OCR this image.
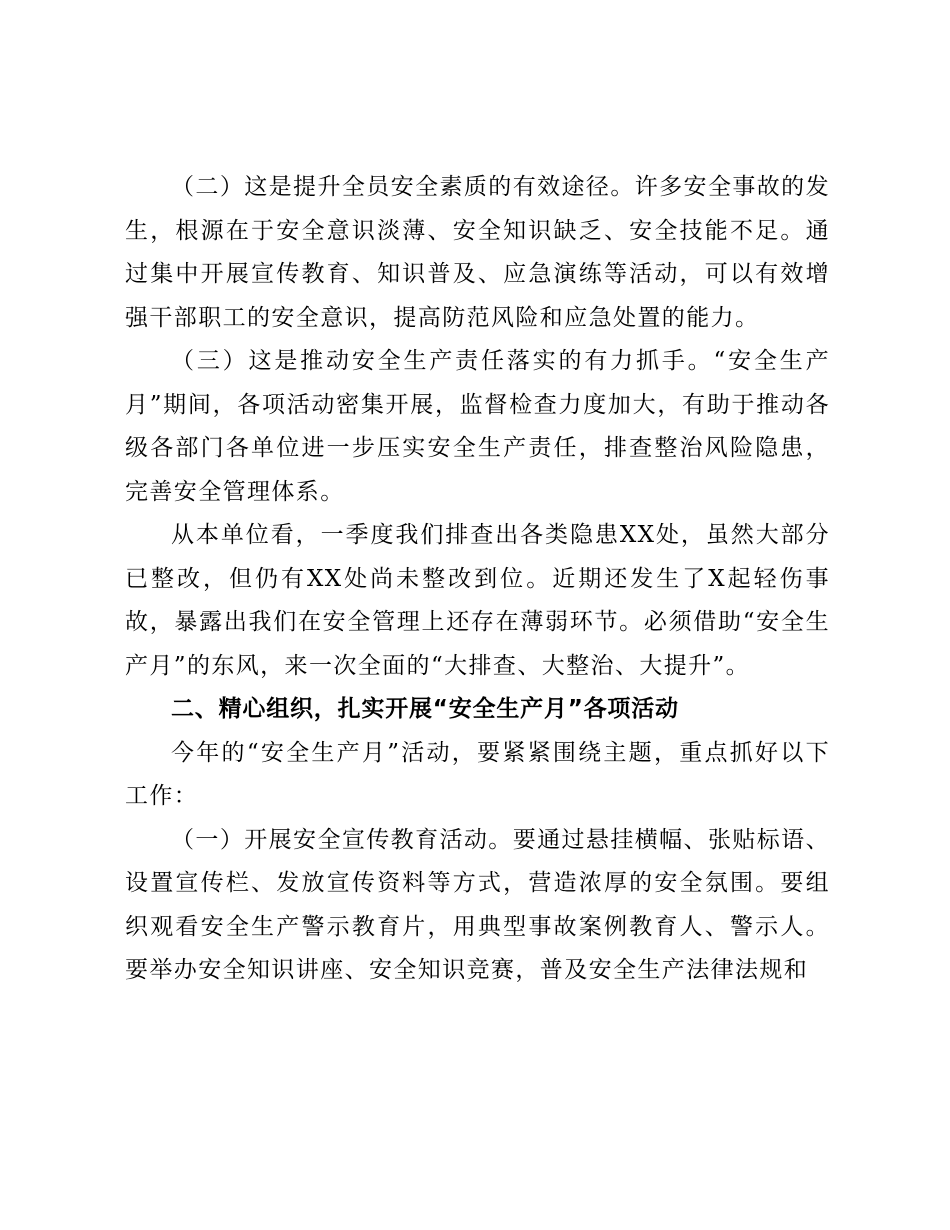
（二）这是提升全员安全素质的有效途径。许多安全事故的发生，根源在于安全意识淡薄、安全知识缺乏、安全技能不足。通过集中开展宣传教育、知识普及、应急演练等活动，可以有效增强干部职工的安全意识，提高防范风险和应急处置的能力。

（三）这是推动安全生产责任落实的有力抓手。“安全生产月”期间，各项活动密集开展，监督检查力度加大，有助于推动各级各部门各单位进一步压实安全生产责任，排查整治风险隐患，完善安全管理体系。

从本单位看，一季度我们排查出各类隐患XX处，虽然大部分已整改，但仍有XX处尚未整改到位。近期还发生了X起轻伤事故，暴露出我们在安全管理上还存在薄弱环节。必须借助“安全生产月”的东风，来一次全面的“大排查、大整治、大提升”。

二、精心组织，扎实开展“安全生产月”各项活动

今年的“安全生产月”活动，要紧紧围绕主题，重点抓好以下工作：

（一）开展安全宣传教育活动。要通过悬挂横幅、张贴标语、设置宣传栏、发放宣传资料等方式，营造浓厚的安全氛围。要组织观看安全生产警示教育片，用典型事故案例教育人、警示人。要举办安全知识讲座、安全知识竞赛，普及安全生产法律法规和
